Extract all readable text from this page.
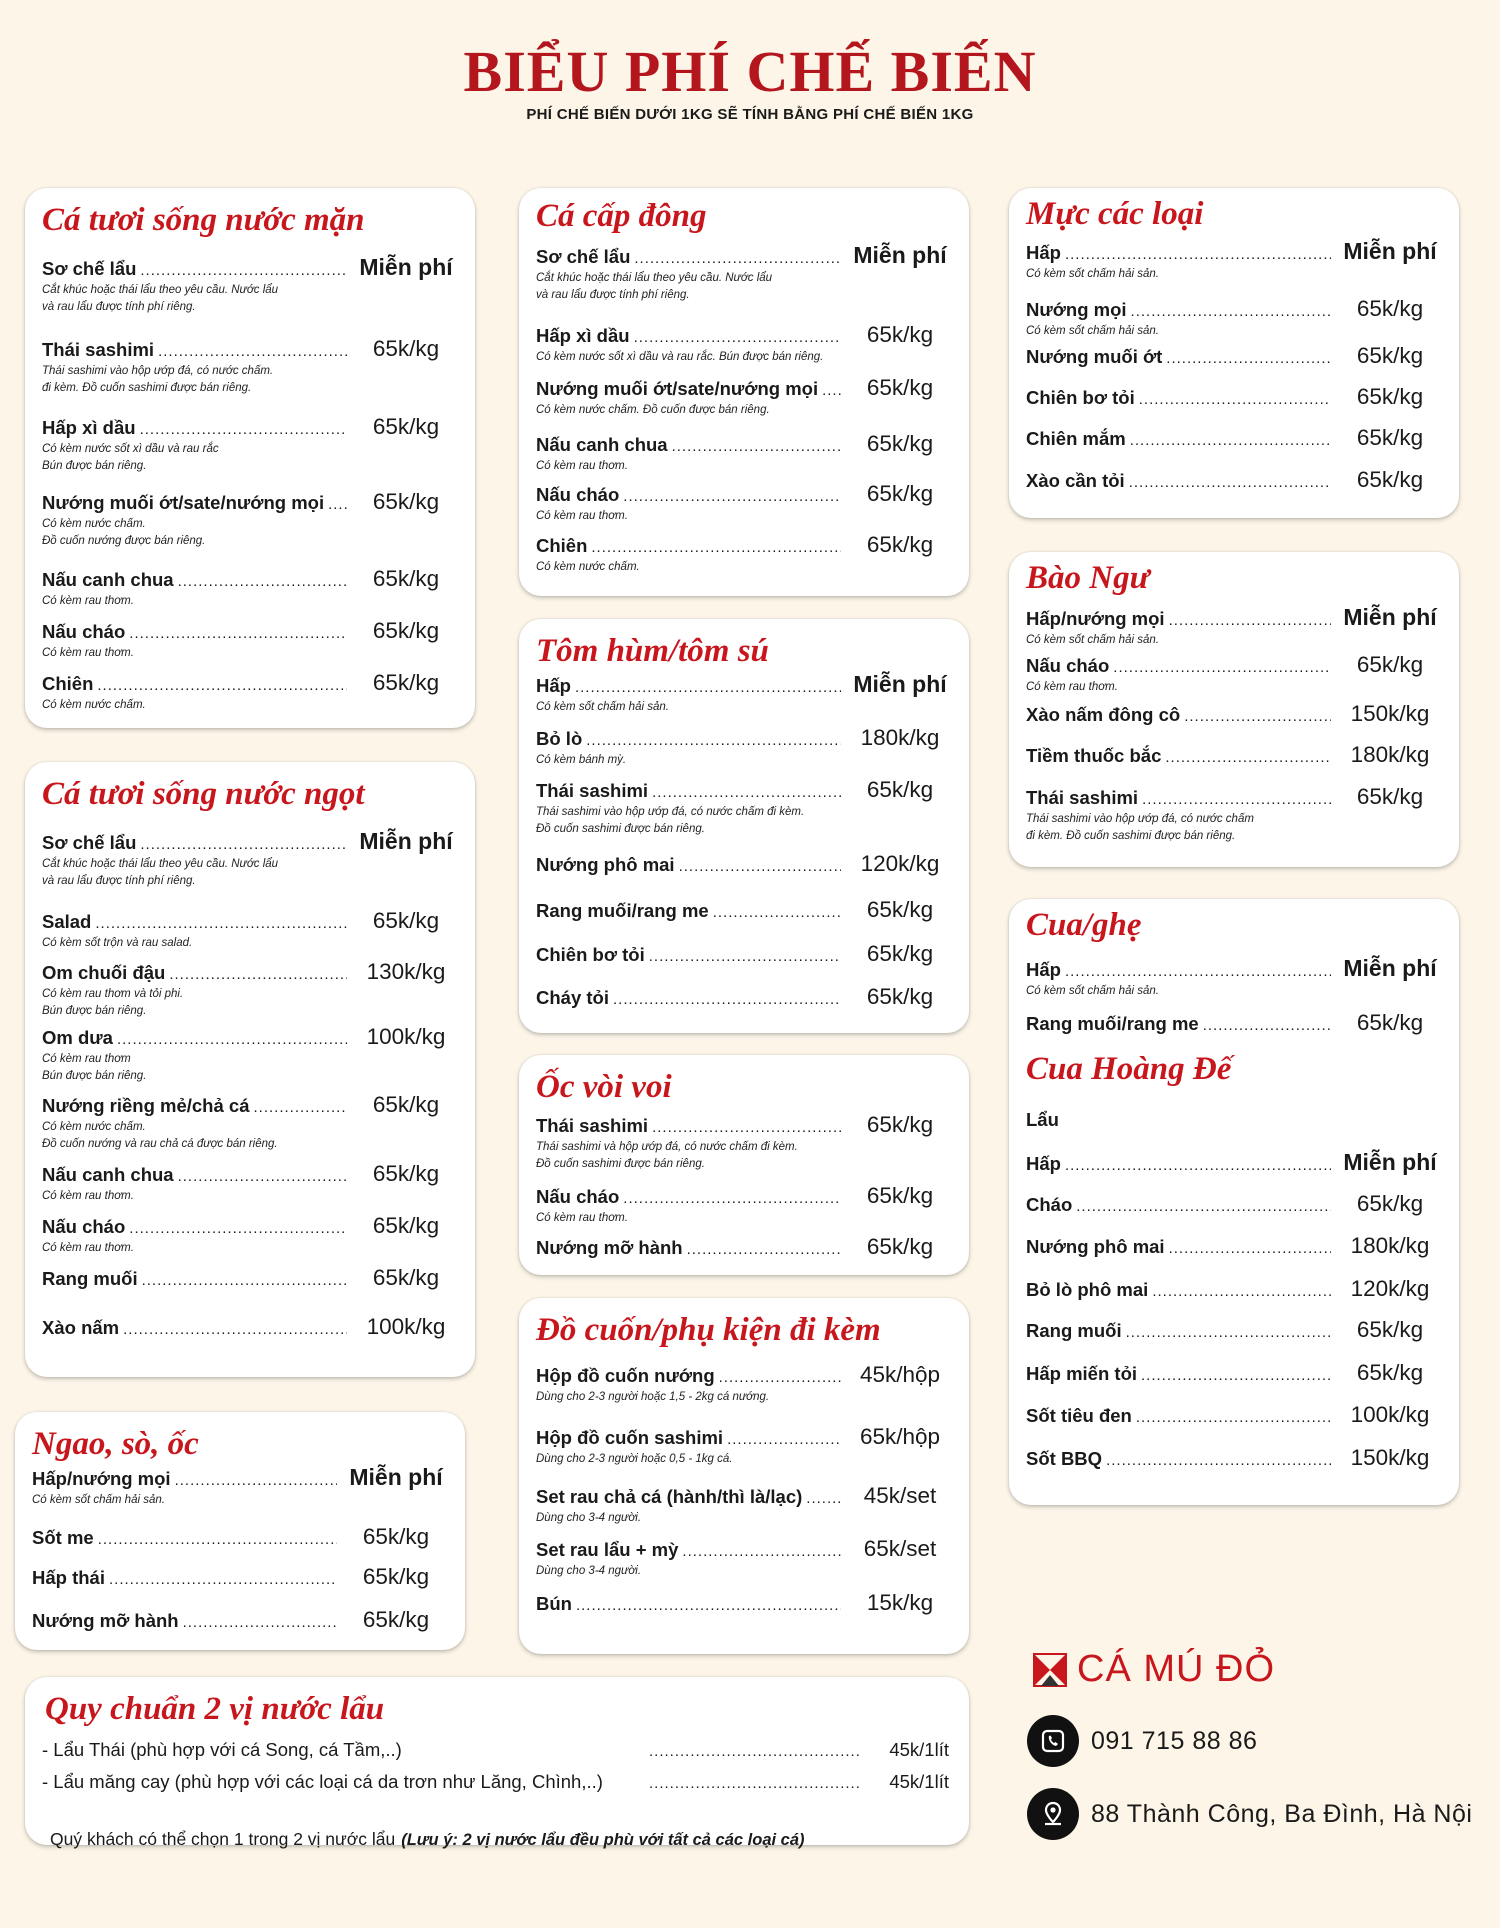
BIỂU PHÍ CHẾ BIẾN
PHÍ CHẾ BIẾN DƯỚI 1KG SẼ TÍNH BẰNG PHÍ CHẾ BIẾN 1KG
Cá tươi sống nước mặn
Sơ chế lẩu .....	Miễn phí
Cắt khúc hoặc thái lẩu theo yêu cầu. Nước lẩu
và rau lẩu được tính phí riêng.
Thái sashimi .....	65k/kg
Thái sashimi vào hộp ướp đá, có nước chấm.
đi kèm. Đồ cuốn sashimi được bán riêng.
Hấp xì dầu .....	65k/kg
Có kèm nước sốt xì dầu và rau rắc
Bún được bán riêng.
Nướng muối ớt/sate/nướng mọi .....	65k/kg
Có kèm nước chấm.
Đồ cuốn nướng được bán riêng.
Nấu canh chua .....	65k/kg
Có kèm rau thơm.
Nấu cháo .....	65k/kg
Có kèm rau thơm.
Chiên .....	65k/kg
Có kèm nước chấm.
Cá tươi sống nước ngọt
Sơ chế lẩu .....	Miễn phí
Cắt khúc hoặc thái lẩu theo yêu cầu. Nước lẩu
và rau lẩu được tính phí riêng.
Salad .....	65k/kg
Có kèm sốt trộn và rau salad.
Om chuối đậu .....	130k/kg
Có kèm rau thơm và tỏi phi.
Bún được bán riêng.
Om dưa .....	100k/kg
Có kèm rau thơm
Bún được bán riêng.
Nướng riềng mẻ/chả cá .....	65k/kg
Có kèm nước chấm.
Đồ cuốn nướng và rau chả cá được bán riêng.
Nấu canh chua .....	65k/kg
Có kèm rau thơm.
Nấu cháo .....	65k/kg
Có kèm rau thơm.
Rang muối .....	65k/kg
Xào nấm .....	100k/kg
Ngao, sò, ốc
Hấp/nướng mọi .....	Miễn phí
Có kèm sốt chấm hải sản.
Sốt me .....	65k/kg
Hấp thái .....	65k/kg
Nướng mỡ hành .....	65k/kg
Cá cấp đông
Sơ chế lẩu .....	Miễn phí
Cắt khúc hoặc thái lẩu theo yêu cầu. Nước lẩu
và rau lẩu được tính phí riêng.
Hấp xì dầu .....	65k/kg
Có kèm nước sốt xì dầu và rau rắc. Bún được bán riêng.
Nướng muối ớt/sate/nướng mọi .....	65k/kg
Có kèm nước chấm. Đồ cuốn được bán riêng.
Nấu canh chua .....	65k/kg
Có kèm rau thơm.
Nấu cháo .....	65k/kg
Có kèm rau thơm.
Chiên .....	65k/kg
Có kèm nước chấm.
Tôm hùm/tôm sú
Hấp .....	Miễn phí
Có kèm sốt chấm hải sản.
Bỏ lò .....	180k/kg
Có kèm bánh mỳ.
Thái sashimi .....	65k/kg
Thái sashimi vào hộp ướp đá, có nước chấm đi kèm.
Đồ cuốn sashimi được bán riêng.
Nướng phô mai .....	120k/kg
Rang muối/rang me .....	65k/kg
Chiên bơ tỏi .....	65k/kg
Cháy tỏi .....	65k/kg
Ốc vòi voi
Thái sashimi .....	65k/kg
Thái sashimi và hộp ướp đá, có nước chấm đi kèm.
Đồ cuốn sashimi được bán riêng.
Nấu cháo .....	65k/kg
Có kèm rau thơm.
Nướng mỡ hành .....	65k/kg
Đồ cuốn/phụ kiện đi kèm
Hộp đồ cuốn nướng .....	45k/hộp
Dùng cho 2-3 người hoặc 1,5 - 2kg cá nướng.
Hộp đồ cuốn sashimi .....	65k/hộp
Dùng cho 2-3 người hoặc 0,5 - 1kg cá.
Set rau chả cá (hành/thì là/lạc) .....	45k/set
Dùng cho 3-4 người.
Set rau lẩu + mỳ .....	65k/set
Dùng cho 3-4 người.
Bún .....	15k/kg
Mực các loại
Hấp .....	Miễn phí
Có kèm sốt chấm hải sản.
Nướng mọi .....	65k/kg
Có kèm sốt chấm hải sản.
Nướng muối ớt .....	65k/kg
Chiên bơ tỏi .....	65k/kg
Chiên mắm .....	65k/kg
Xào cần tỏi .....	65k/kg
Bào Ngư
Hấp/nướng mọi .....	Miễn phí
Có kèm sốt chấm hải sản.
Nấu cháo .....	65k/kg
Có kèm rau thơm.
Xào nấm đông cô .....	150k/kg
Tiềm thuốc bắc .....	180k/kg
Thái sashimi .....	65k/kg
Thái sashimi vào hộp ướp đá, có nước chấm
đi kèm. Đồ cuốn sashimi được bán riêng.
Cua/ghẹ
Hấp .....	Miễn phí
Có kèm sốt chấm hải sản.
Rang muối/rang me .....	65k/kg
Cua Hoàng Đế
Lẩu
Hấp .....	Miễn phí
Cháo .....	65k/kg
Nướng phô mai .....	180k/kg
Bỏ lò phô mai .....	120k/kg
Rang muối .....	65k/kg
Hấp miến tỏi .....	65k/kg
Sốt tiêu đen .....	100k/kg
Sốt BBQ .....	150k/kg
Quy chuẩn 2 vị nước lẩu
- Lẩu Thái (phù hợp với cá Song, cá Tầm,..) .....	45k/1lít
- Lẩu măng cay (phù hợp với các loại cá da trơn như Lăng, Chình,..) .....	45k/1lít
Quý khách có thể chọn 1 trong 2 vị nước lẩu (Lưu ý: 2 vị nước lẩu đều phù với tất cả các loại cá)
CÁ MÚ ĐỎ
091 715 88 86
88 Thành Công, Ba Đình, Hà Nội
